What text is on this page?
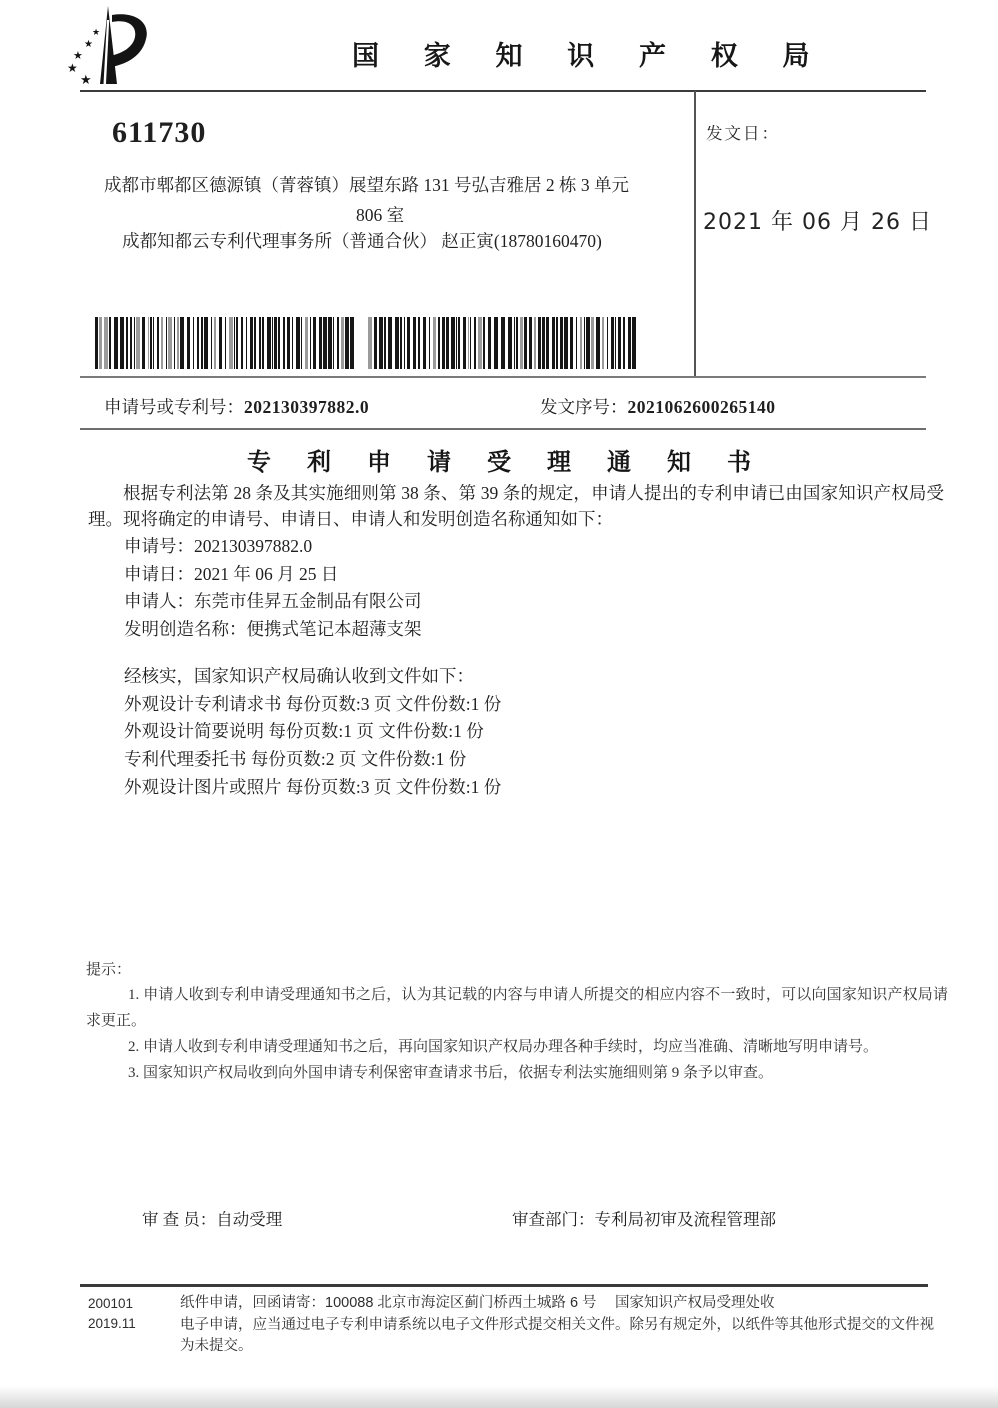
★
★
★
★
★
国 家 知 识 产 权 局
611730
成都市郫都区德源镇（菁蓉镇）展望东路 131 号弘吉雅居 2 栋 3 单元
806 室
成都知都云专利代理事务所（普通合伙） 赵正寅(18780160470)
发文日：
2021 年 06 月 26 日
申请号或专利号：202130397882.0	发文序号：2021062600265140
专 利 申 请 受 理 通 知 书
根据专利法第 28 条及其实施细则第 38 条、第 39 条的规定，申请人提出的专利申请已由国家知识产权局受理。现将确定的申请号、申请日、申请人和发明创造名称通知如下：
申请号：202130397882.0
申请日：2021 年 06 月 25 日
申请人：东莞市佳昇五金制品有限公司
发明创造名称：便携式笔记本超薄支架
经核实，国家知识产权局确认收到文件如下：
外观设计专利请求书 每份页数:3 页 文件份数:1 份
外观设计简要说明 每份页数:1 页 文件份数:1 份
专利代理委托书 每份页数:2 页 文件份数:1 份
外观设计图片或照片 每份页数:3 页 文件份数:1 份
提示：

1. 申请人收到专利申请受理通知书之后，认为其记载的内容与申请人所提交的相应内容不一致时，可以向国家知识产权局请求更正。

2. 申请人收到专利申请受理通知书之后，再向国家知识产权局办理各种手续时，均应当准确、清晰地写明申请号。

3. 国家知识产权局收到向外国申请专利保密审查请求书后，依据专利法实施细则第 9 条予以审查。

审 查 员：自动受理	审查部门：专利局初审及流程管理部
200101
2019.11

纸件申请，回函请寄：100088 北京市海淀区蓟门桥西土城路 6 号　 国家知识产权局受理处收

电子申请，应当通过电子专利申请系统以电子文件形式提交相关文件。除另有规定外，以纸件等其他形式提交的文件视为未提交。
